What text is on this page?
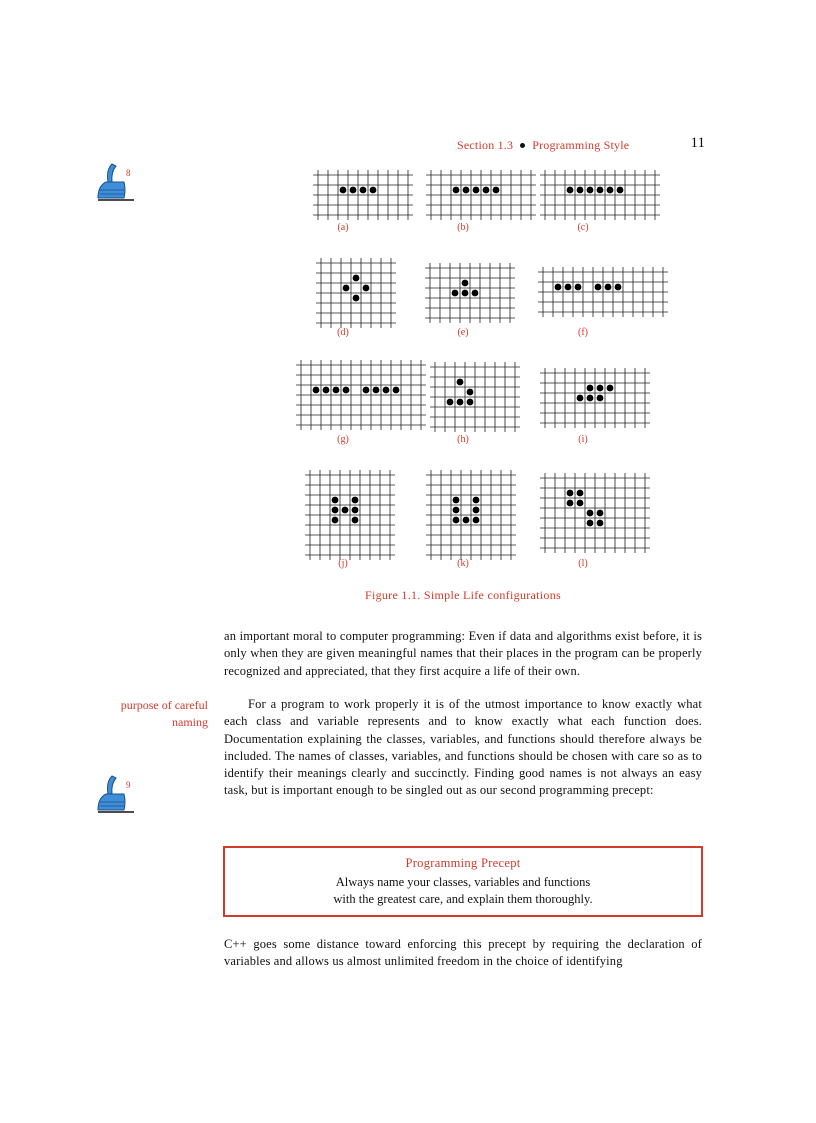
Section 1.3 Programming Style	11
8
9
(a)	(b)	(c)
(d)	(e)	(f)
(g)	(h)	(i)
(j)	(k)	(l)
Figure 1.1. Simple Life configurations
an important moral to computer programming: Even if data and algorithms exist before, it is only when they are given meaningful names that their places in the program can be properly recognized and appreciated, that they first acquire a life of their own.
purpose of careful
naming
For a program to work properly it is of the utmost importance to know exactly what each class and variable represents and to know exactly what each function does. Documentation explaining the classes, variables, and functions should therefore always be included. The names of classes, variables, and functions should be chosen with care so as to identify their meanings clearly and succinctly. Finding good names is not always an easy task, but is important enough to be singled out as our second programming precept:
Programming Precept
Always name your classes, variables and functions
with the greatest care, and explain them thoroughly.
C++ goes some distance toward enforcing this precept by requiring the declaration of variables and allows us almost unlimited freedom in the choice of identifying
